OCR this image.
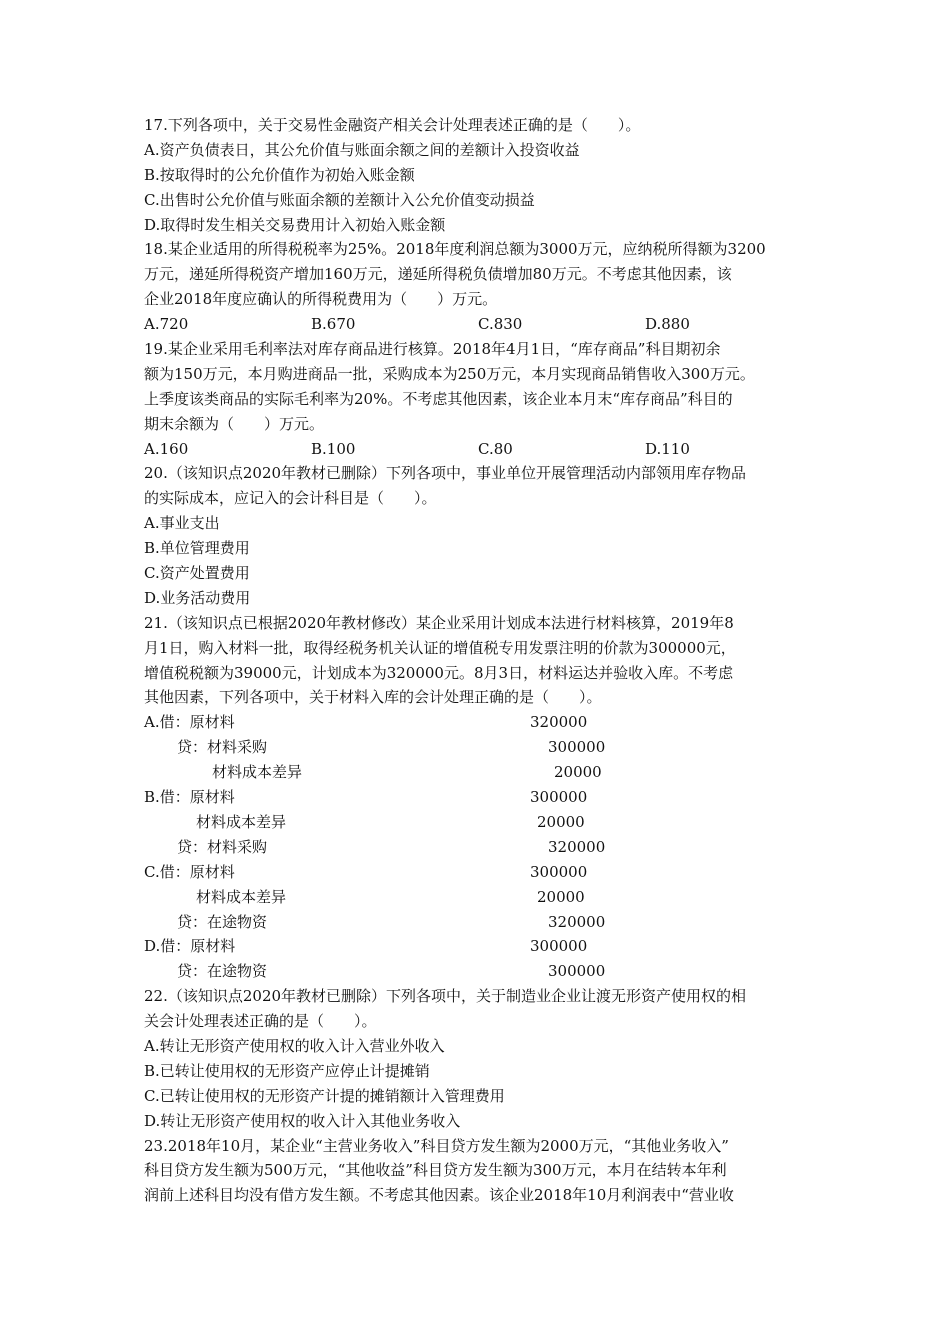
17.下列各项中，关于交易性金融资产相关会计处理表述正确的是（　　）。
A.资产负债表日，其公允价值与账面余额之间的差额计入投资收益
B.按取得时的公允价值作为初始入账金额
C.出售时公允价值与账面余额的差额计入公允价值变动损益
D.取得时发生相关交易费用计入初始入账金额
18.某企业适用的所得税税率为25%。2018年度利润总额为3000万元，应纳税所得额为3200
万元，递延所得税资产增加160万元，递延所得税负债增加80万元。不考虑其他因素，该
企业2018年度应确认的所得税费用为（　　）万元。
A.720	B.670	C.830	D.880
19.某企业采用毛利率法对库存商品进行核算。2018年4月1日，“库存商品”科目期初余
额为150万元，本月购进商品一批，采购成本为250万元，本月实现商品销售收入300万元。
上季度该类商品的实际毛利率为20%。不考虑其他因素，该企业本月末“库存商品”科目的
期末余额为（　　）万元。
A.160	B.100	C.80	D.110
20.（该知识点2020年教材已删除）下列各项中，事业单位开展管理活动内部领用库存物品
的实际成本，应记入的会计科目是（　　）。
A.事业支出
B.单位管理费用
C.资产处置费用
D.业务活动费用
21.（该知识点已根据2020年教材修改）某企业采用计划成本法进行材料核算，2019年8
月1日，购入材料一批，取得经税务机关认证的增值税专用发票注明的价款为300000元，
增值税税额为39000元，计划成本为320000元。8月3日，材料运达并验收入库。不考虑
其他因素，下列各项中，关于材料入库的会计处理正确的是（　　）。
A.借：原材料	320000
贷：材料采购	300000
材料成本差异	20000
B.借：原材料	300000
材料成本差异	20000
贷：材料采购	320000
C.借：原材料	300000
材料成本差异	20000
贷：在途物资	320000
D.借：原材料	300000
贷：在途物资	300000
22.（该知识点2020年教材已删除）下列各项中，关于制造业企业让渡无形资产使用权的相
关会计处理表述正确的是（　　）。
A.转让无形资产使用权的收入计入营业外收入
B.已转让使用权的无形资产应停止计提摊销
C.已转让使用权的无形资产计提的摊销额计入管理费用
D.转让无形资产使用权的收入计入其他业务收入
23.2018年10月，某企业“主营业务收入”科目贷方发生额为2000万元，“其他业务收入”
科目贷方发生额为500万元，“其他收益”科目贷方发生额为300万元，本月在结转本年利
润前上述科目均没有借方发生额。不考虑其他因素。该企业2018年10月利润表中“营业收
